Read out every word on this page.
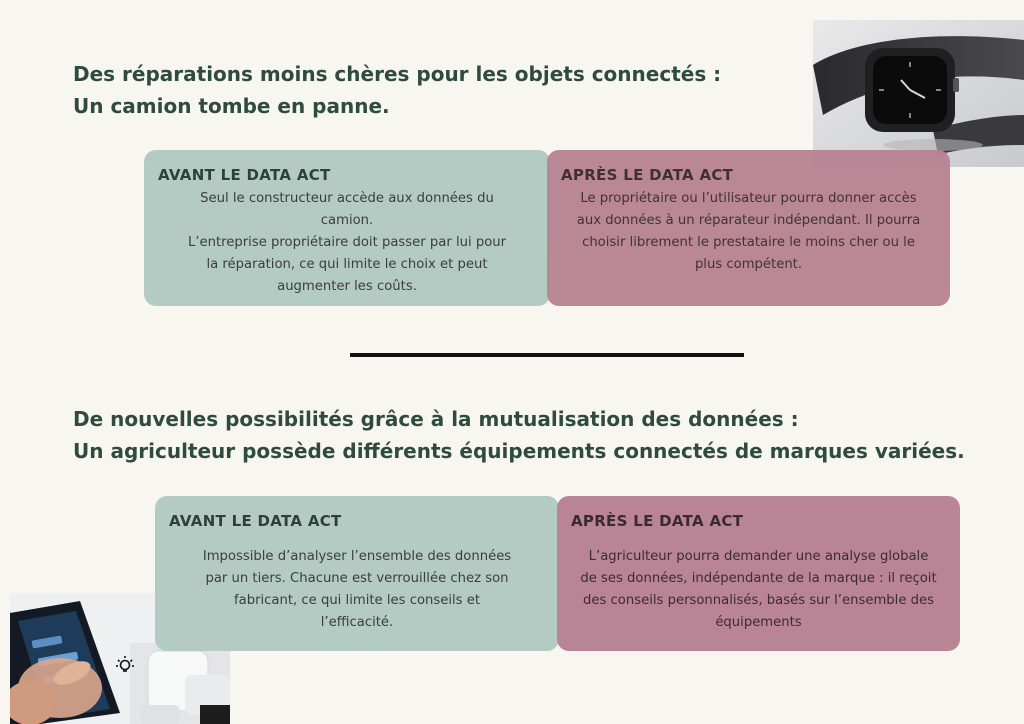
Des réparations moins chères pour les objets connectés :
Un camion tombe en panne.
AVANT LE DATA ACT
Seul le constructeur accède aux données du
camion.
L’entreprise propriétaire doit passer par lui pour
la réparation, ce qui limite le choix et peut
augmenter les coûts.
APRÈS LE DATA ACT
Le propriétaire ou l’utilisateur pourra donner accès
aux données à un réparateur indépendant. Il pourra
choisir librement le prestataire le moins cher ou le
plus compétent.
De nouvelles possibilités grâce à la mutualisation des données :
Un agriculteur possède différents équipements connectés de marques variées.
AVANT LE DATA ACT
Impossible d’analyser l’ensemble des données
par un tiers. Chacune est verrouillée chez son
fabricant, ce qui limite les conseils et
l’efficacité.
APRÈS LE DATA ACT
L’agriculteur pourra demander une analyse globale
de ses données, indépendante de la marque : il reçoit
des conseils personnalisés, basés sur l’ensemble des
équipements
